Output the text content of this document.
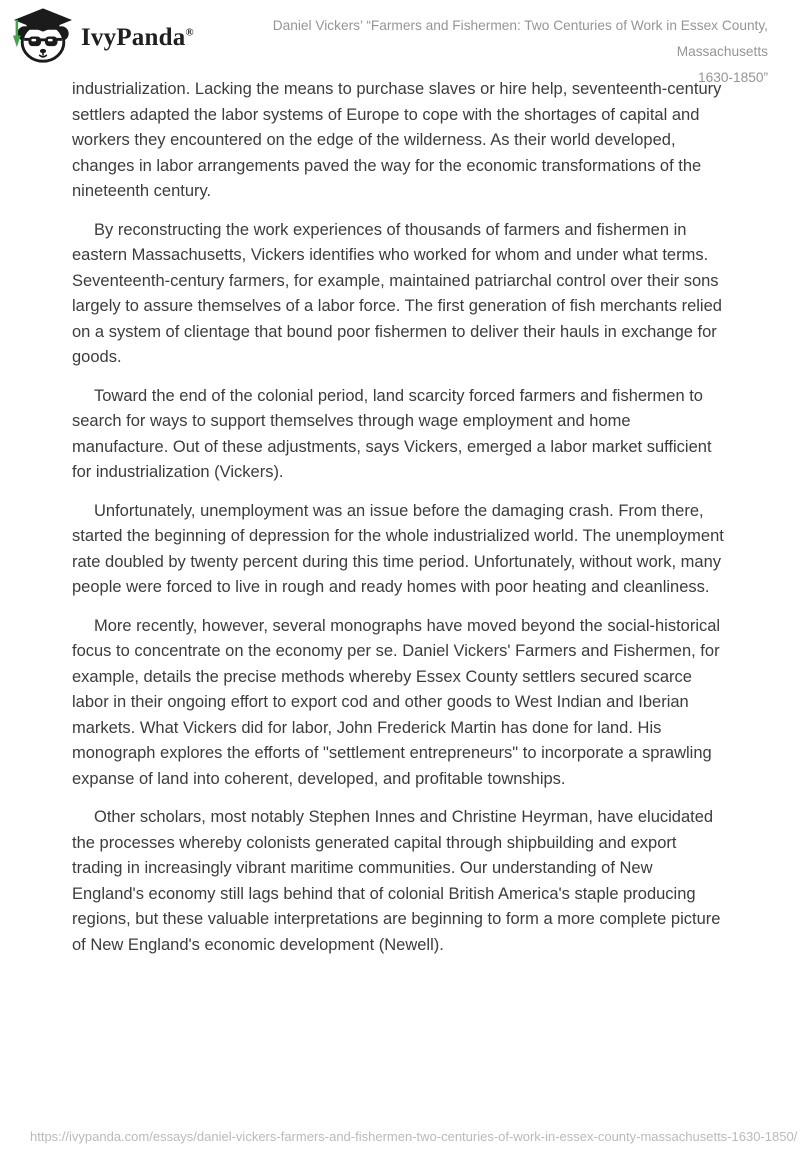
IvyPanda®	Daniel Vickers’ “Farmers and Fishermen: Two Centuries of Work in Essex County, Massachusetts
1630-1850”

industrialization. Lacking the means to purchase slaves or hire help, seventeenth-century settlers adapted the labor systems of Europe to cope with the shortages of capital and workers they encountered on the edge of the wilderness. As their world developed, changes in labor arrangements paved the way for the economic transformations of the nineteenth century.

By reconstructing the work experiences of thousands of farmers and fishermen in eastern Massachusetts, Vickers identifies who worked for whom and under what terms. Seventeenth-century farmers, for example, maintained patriarchal control over their sons largely to assure themselves of a labor force. The first generation of fish merchants relied on a system of clientage that bound poor fishermen to deliver their hauls in exchange for goods.

Toward the end of the colonial period, land scarcity forced farmers and fishermen to search for ways to support themselves through wage employment and home manufacture. Out of these adjustments, says Vickers, emerged a labor market sufficient for industrialization (Vickers).

Unfortunately, unemployment was an issue before the damaging crash. From there, started the beginning of depression for the whole industrialized world. The unemployment rate doubled by twenty percent during this time period. Unfortunately, without work, many people were forced to live in rough and ready homes with poor heating and cleanliness.

More recently, however, several monographs have moved beyond the social-historical focus to concentrate on the economy per se. Daniel Vickers' Farmers and Fishermen, for example, details the precise methods whereby Essex County settlers secured scarce labor in their ongoing effort to export cod and other goods to West Indian and Iberian markets. What Vickers did for labor, John Frederick Martin has done for land. His monograph explores the efforts of "settlement entrepreneurs" to incorporate a sprawling expanse of land into coherent, developed, and profitable townships.

Other scholars, most notably Stephen Innes and Christine Heyrman, have elucidated the processes whereby colonists generated capital through shipbuilding and export trading in increasingly vibrant maritime communities. Our understanding of New England's economy still lags behind that of colonial British America's staple producing regions, but these valuable interpretations are beginning to form a more complete picture of New England's economic development (Newell).

https://ivypanda.com/essays/daniel-vickers-farmers-and-fishermen-two-centuries-of-work-in-essex-county-massachusetts-1630-1850/
